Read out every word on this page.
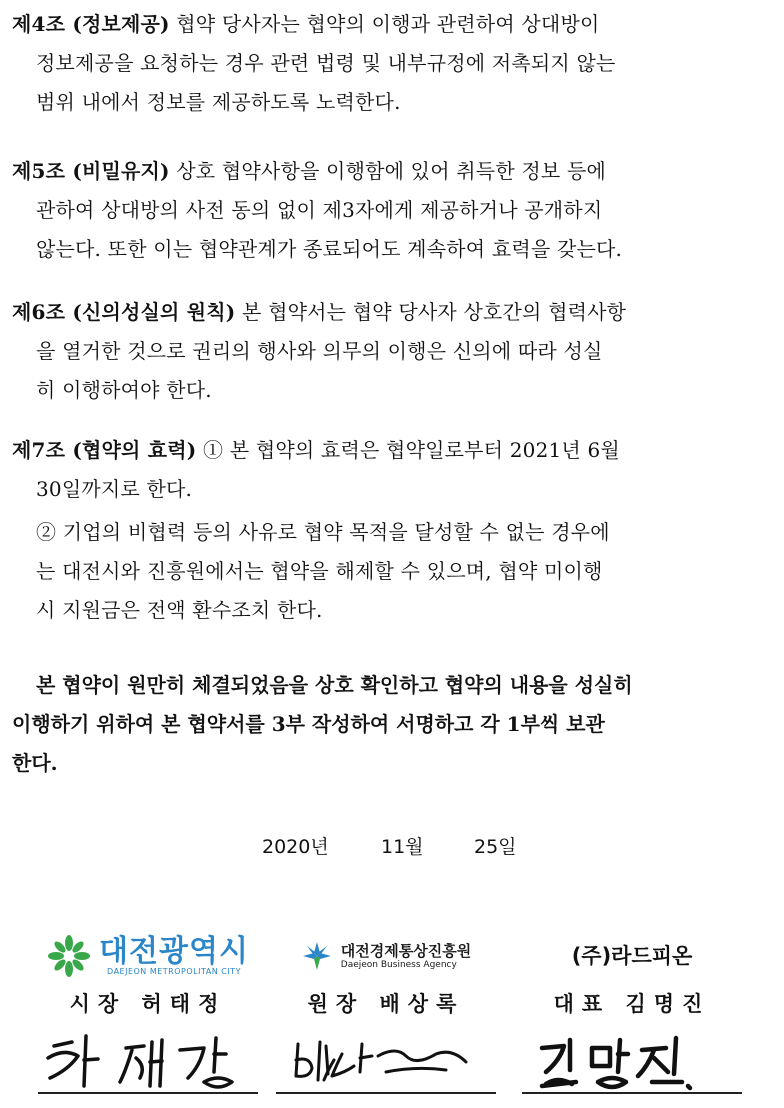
제4조 (정보제공) 협약 당사자는 협약의 이행과 관련하여 상대방이
정보제공을 요청하는 경우 관련 법령 및 내부규정에 저촉되지 않는
범위 내에서 정보를 제공하도록 노력한다.
제5조 (비밀유지) 상호 협약사항을 이행함에 있어 취득한 정보 등에
관하여 상대방의 사전 동의 없이 제3자에게 제공하거나 공개하지
않는다. 또한 이는 협약관계가 종료되어도 계속하여 효력을 갖는다.
제6조 (신의성실의 원칙) 본 협약서는 협약 당사자 상호간의 협력사항
을 열거한 것으로 권리의 행사와 의무의 이행은 신의에 따라 성실
히 이행하여야 한다.
제7조 (협약의 효력) ① 본 협약의 효력은 협약일로부터 2021년 6월
30일까지로 한다.
② 기업의 비협력 등의 사유로 협약 목적을 달성할 수 없는 경우에
는 대전시와 진흥원에서는 협약을 해제할 수 있으며, 협약 미이행
시 지원금은 전액 환수조치 한다.
본 협약이 원만히 체결되었음을 상호 확인하고 협약의 내용을 성실히
이행하기 위하여 본 협약서를 3부 작성하여 서명하고 각 1부씩 보관
한다.
2020년	11월	25일
대전광역시
DAEJEON METROPOLITAN CITY
시장 허태정
대전경제통상진흥원
Daejeon Business Agency
원장 배상록
(주)라드피온
대표 김명진
